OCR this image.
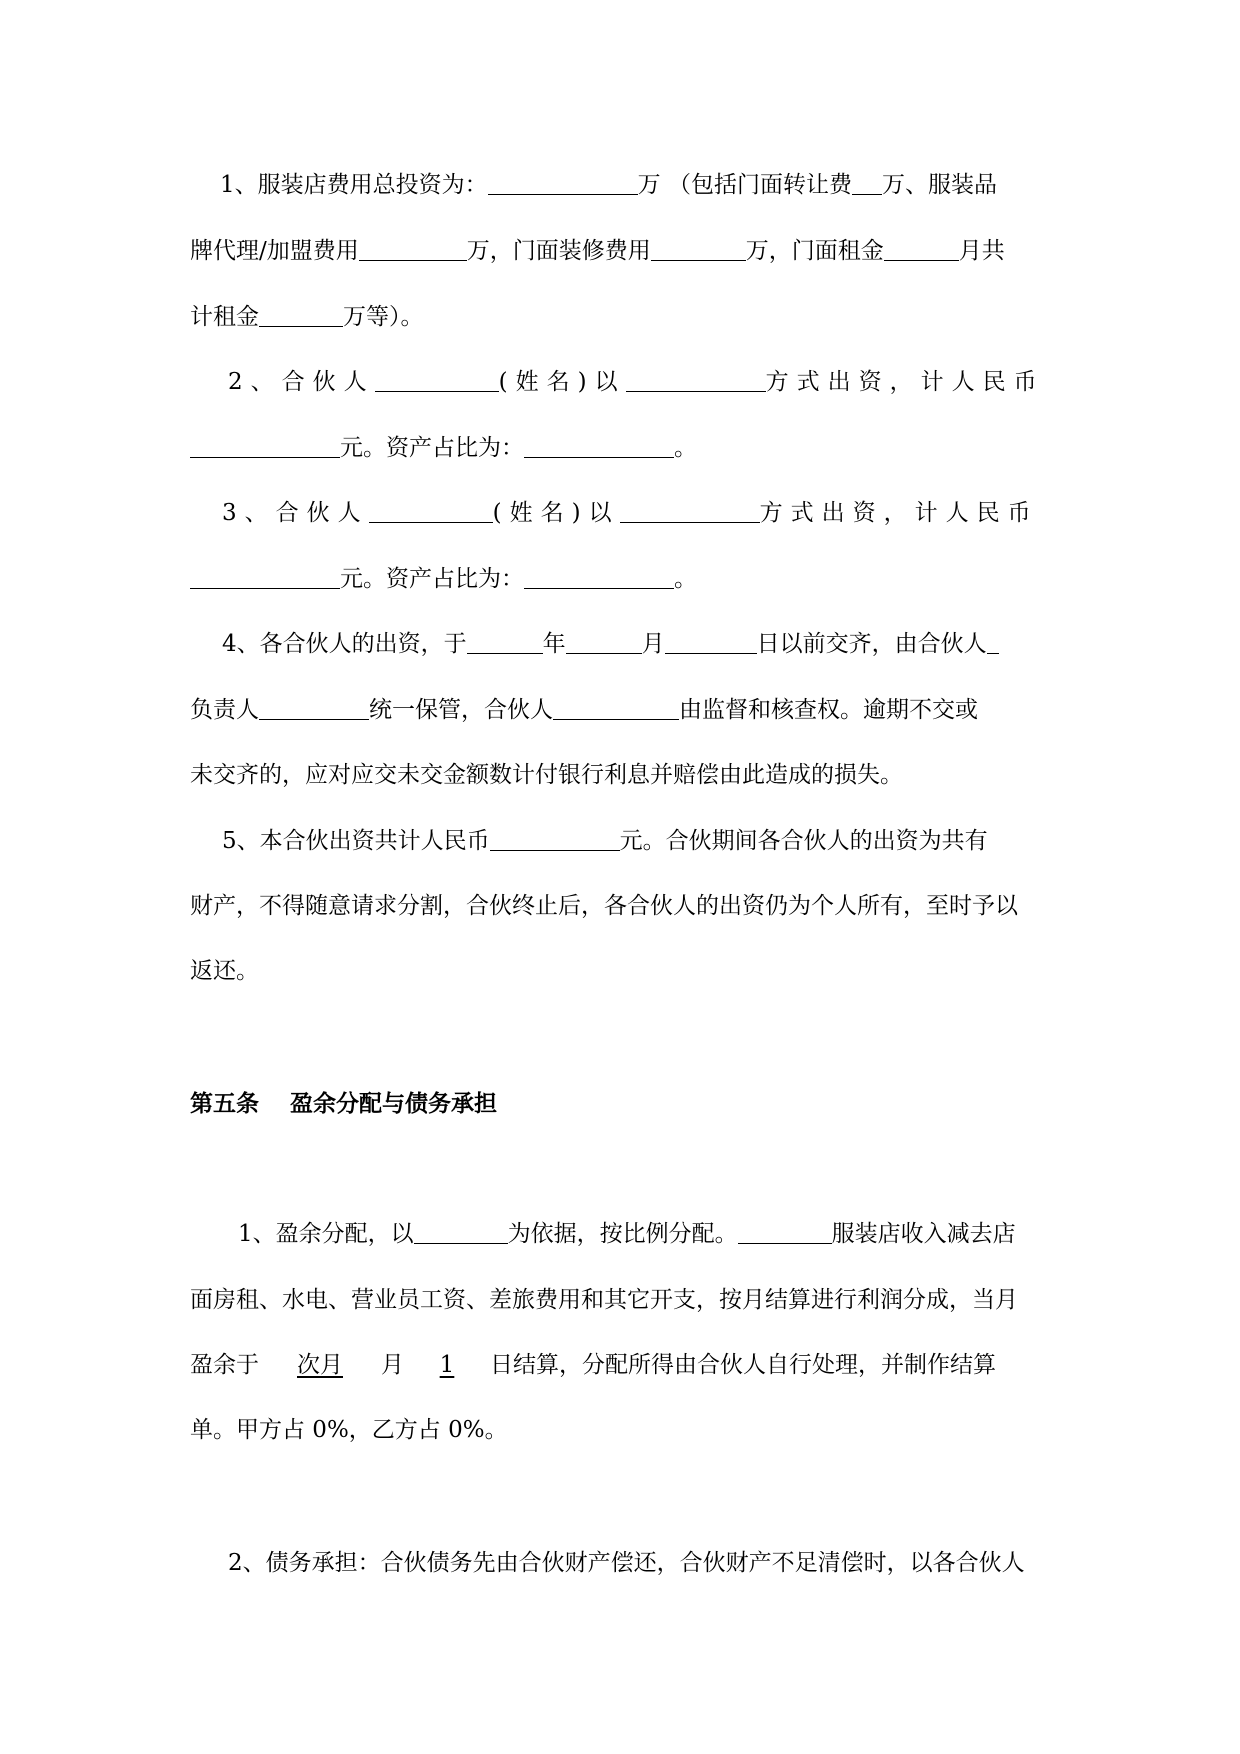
1、服装店费用总投资为：	万 （包括门面转让费 万、服装品
牌代理/加盟费用	万，门面装修费用	万，门面租金	月共
计租金	万等）。
2、合伙人	(姓名)以	方式出资，计人民币
元。资产占比为：	。
3、合伙人	(姓名)以	方式出资，计人民币
元。资产占比为：	。
4、各合伙人的出资，于	年	月	日以前交齐，由合伙人
负责人	统一保管，合伙人	由监督和核查权。逾期不交或
未交齐的，应对应交未交金额数计付银行利息并赔偿由此造成的损失。
5、本合伙出资共计人民币	元。合伙期间各合伙人的出资为共有
财产，不得随意请求分割，合伙终止后，各合伙人的出资仍为个人所有，至时予以
返还。
第五条　 盈余分配与债务承担
1、盈余分配，以	为依据，按比例分配。	服装店收入减去店
面房租、水电、营业员工资、差旅费用和其它开支，按月结算进行利润分成，当月
盈余于 次月 月 1 日结算，分配所得由合伙人自行处理，并制作结算
单。甲方占 0%，乙方占 0%。
2、债务承担：合伙债务先由合伙财产偿还，合伙财产不足清偿时，以各合伙人
